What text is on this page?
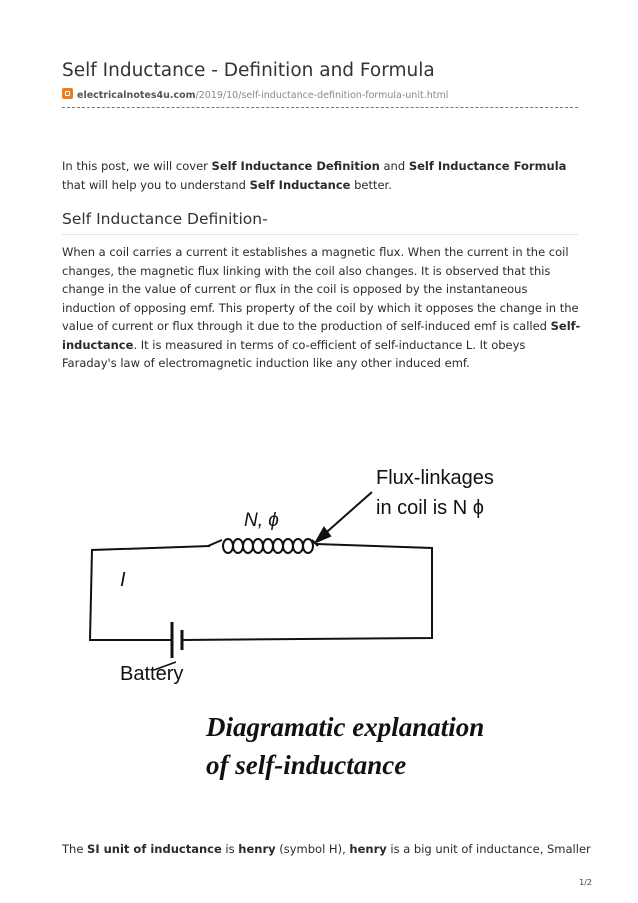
Self Inductance - Definition and Formula
electricalnotes4u.com/2019/10/self-inductance-definition-formula-unit.html

In this post, we will cover Self Inductance Definition and Self Inductance Formula that will help you to understand Self Inductance better.

Self Inductance Definition-

When a coil carries a current it establishes a magnetic flux. When the current in the coil changes, the magnetic flux linking with the coil also changes. It is observed that this change in the value of current or flux in the coil is opposed by the instantaneous induction of opposing emf. This property of the coil by which it opposes the change in the value of current or flux through it due to the production of self-induced emf is called Self-inductance. It is measured in terms of co-efficient of self-inductance L. It obeys Faraday's law of electromagnetic induction like any other induced emf.

Flux-linkages
in coil is N ϕ
N, ϕ
I
Battery
Diagramatic explanation
of self-inductance

The SI unit of inductance is henry (symbol H), henry is a big unit of inductance, Smaller

1/2
